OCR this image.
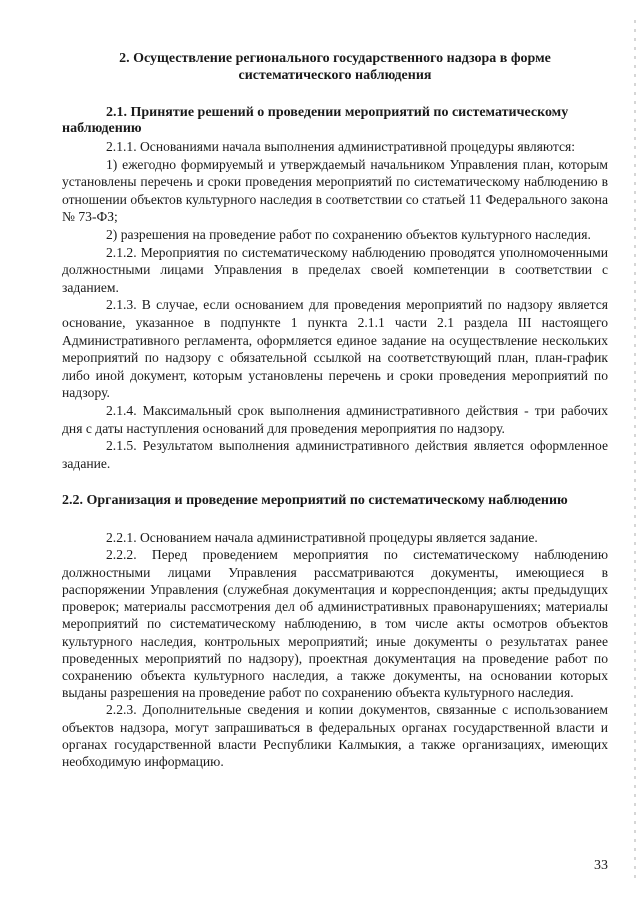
2. Осуществление регионального государственного надзора в форме систематического наблюдения
2.1. Принятие решений о проведении мероприятий по систематическому наблюдению

2.1.1. Основаниями начала выполнения административной процедуры являются:

1) ежегодно формируемый и утверждаемый начальником Управления план, которым установлены перечень и сроки проведения мероприятий по систематическому наблюдению в отношении объектов культурного наследия в соответствии со статьей 11 Федерального закона № 73-ФЗ;

2) разрешения на проведение работ по сохранению объектов культурного наследия.

2.1.2. Мероприятия по систематическому наблюдению проводятся уполномоченными должностными лицами Управления в пределах своей компетенции в соответствии с заданием.

2.1.3. В случае, если основанием для проведения мероприятий по надзору является основание, указанное в подпункте 1 пункта 2.1.1 части 2.1 раздела III настоящего Административного регламента, оформляется единое задание на осуществление нескольких мероприятий по надзору с обязательной ссылкой на соответствующий план, план-график либо иной документ, которым установлены перечень и сроки проведения мероприятий по надзору.

2.1.4. Максимальный срок выполнения административного действия - три рабочих дня с даты наступления оснований для проведения мероприятия по надзору.

2.1.5. Результатом выполнения административного действия является оформленное задание.

2.2. Организация и проведение мероприятий по систематическому наблюдению

2.2.1. Основанием начала административной процедуры является задание.

2.2.2. Перед проведением мероприятия по систематическому наблюдению должностными лицами Управления рассматриваются документы, имеющиеся в распоряжении Управления (служебная документация и корреспонденция; акты предыдущих проверок; материалы рассмотрения дел об административных правонарушениях; материалы мероприятий по систематическому наблюдению, в том числе акты осмотров объектов культурного наследия, контрольных мероприятий; иные документы о результатах ранее проведенных мероприятий по надзору), проектная документация на проведение работ по сохранению объекта культурного наследия, а также документы, на основании которых выданы разрешения на проведение работ по сохранению объекта культурного наследия.

2.2.3. Дополнительные сведения и копии документов, связанные с использованием объектов надзора, могут запрашиваться в федеральных органах государственной власти и органах государственной власти Республики Калмыкия, а также организациях, имеющих необходимую информацию.

33
